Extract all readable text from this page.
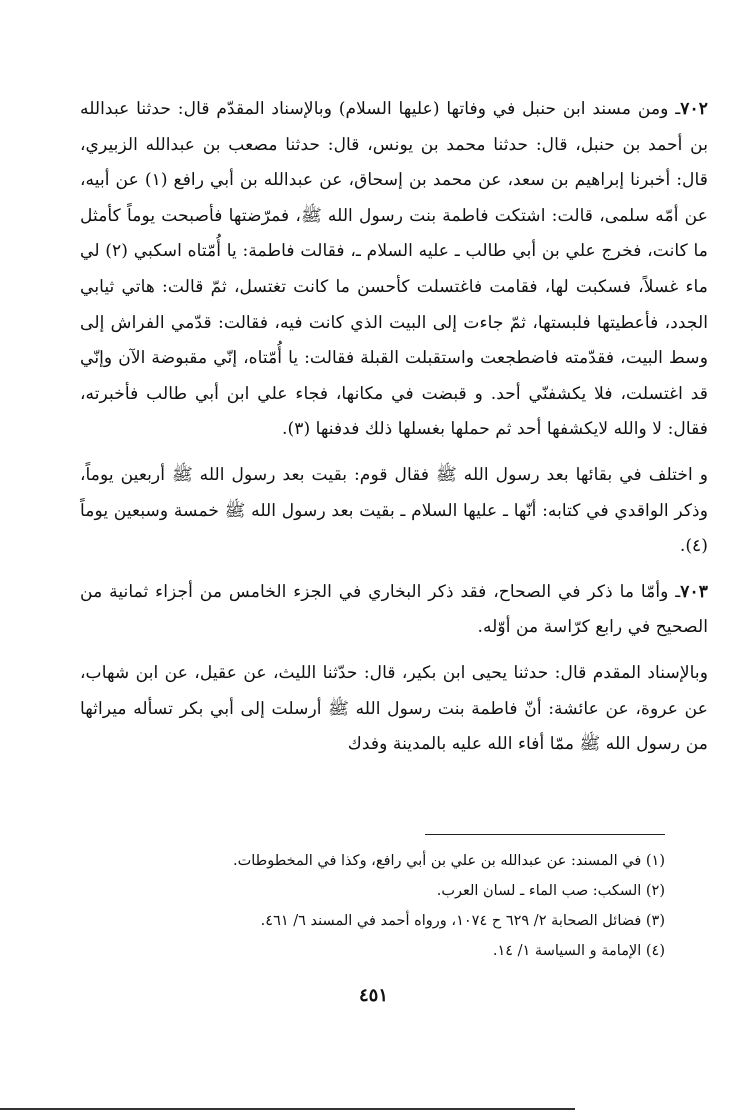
٧٠٢ـ ومن مسند ابن حنبل في وفاتها (عليها السلام) وبالإسناد المقدّم قال: حدثنا عبدالله بن أحمد بن حنبل، قال: حدثنا محمد بن يونس، قال: حدثنا مصعب بن عبدالله الزبيري، قال: أخبرنا إبراهيم بن سعد، عن محمد بن إسحاق، عن عبدالله بن أبي رافع (١) عن أبيه، عن أمّه سلمى، قالت: اشتكت فاطمة بنت رسول الله ﷺ، فمرّضتها فأصبحت يوماً كأمثل ما كانت، فخرج علي بن أبي طالب ـ عليه السلام ـ، فقالت فاطمة: يا أُمّتاه اسكبي (٢) لي ماء غسلاً، فسكبت لها، فقامت فاغتسلت كأحسن ما كانت تغتسل، ثمّ قالت: هاتي ثيابي الجدد، فأعطيتها فلبستها، ثمّ جاءت إلى البيت الذي كانت فيه، فقالت: قدّمي الفراش إلى وسط البيت، فقدّمته فاضطجعت واستقبلت القبلة فقالت: يا أُمّتاه، إنّي مقبوضة الآن وإنّي قد اغتسلت، فلا يكشفنّي أحد. و قبضت في مكانها، فجاء علي ابن أبي طالب فأخبرته، فقال: لا والله لايكشفها أحد ثم حملها بغسلها ذلك فدفنها (٣).

و اختلف في بقائها بعد رسول الله ﷺ فقال قوم: بقيت بعد رسول الله ﷺ أربعين يوماً، وذكر الواقدي في كتابه: أنّها ـ عليها السلام ـ بقيت بعد رسول الله ﷺ خمسة وسبعين يوماً (٤).

٧٠٣ـ وأمّا ما ذكر في الصحاح، فقد ذكر البخاري في الجزء الخامس من أجزاء ثمانية من الصحيح في رابع كرّاسة من أوّله.

وبالإسناد المقدم قال: حدثنا يحيى ابن بكير، قال: حدّثنا الليث، عن عقيل، عن ابن شهاب، عن عروة، عن عائشة: أنّ فاطمة بنت رسول الله ﷺ أرسلت إلى أبي بكر تسأله ميراثها من رسول الله ﷺ ممّا أفاء الله عليه بالمدينة وفدك

(١) في المسند: عن عبدالله بن علي بن أبي رافع، وكذا في المخطوطات.
(٢) السكب: صب الماء ـ لسان العرب.
(٣) فضائل الصحابة ٢/ ٦٢٩ ح ١٠٧٤، ورواه أحمد في المسند ٦/ ٤٦١.
(٤) الإمامة و السياسة ١/ ١٤.
٤٥١
